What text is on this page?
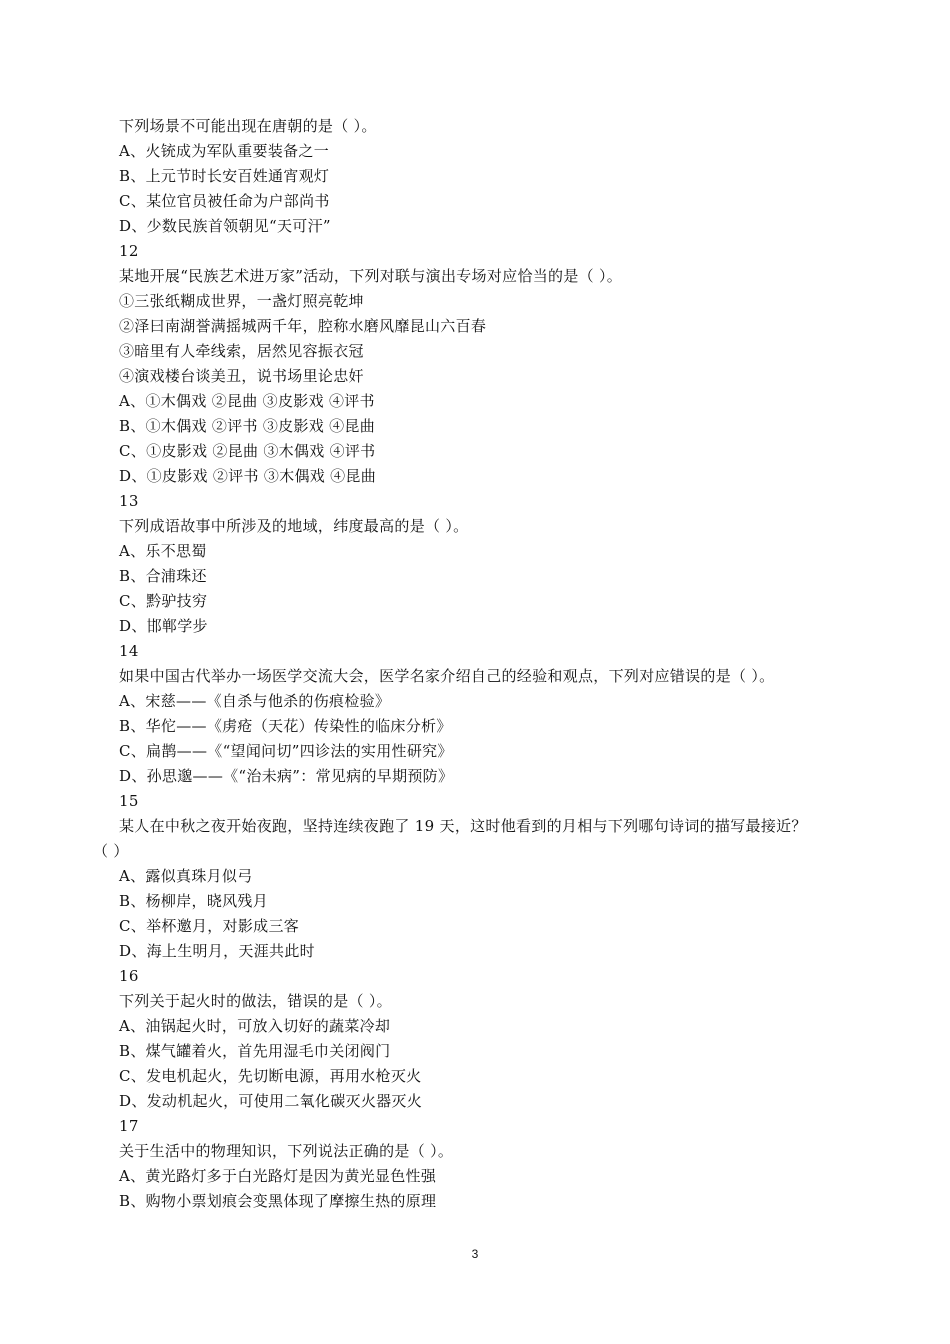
下列场景不可能出现在唐朝的是（ ）。
A、火铳成为军队重要装备之一
B、上元节时长安百姓通宵观灯
C、某位官员被任命为户部尚书
D、少数民族首领朝见“天可汗”
12
某地开展“民族艺术进万家”活动，下列对联与演出专场对应恰当的是（ ）。
①三张纸糊成世界，一盏灯照亮乾坤
②泽曰南湖誉满摇城两千年，腔称水磨风靡昆山六百春
③暗里有人牵线索，居然见容振衣冠
④演戏楼台谈美丑，说书场里论忠奸
A、①木偶戏 ②昆曲 ③皮影戏 ④评书
B、①木偶戏 ②评书 ③皮影戏 ④昆曲
C、①皮影戏 ②昆曲 ③木偶戏 ④评书
D、①皮影戏 ②评书 ③木偶戏 ④昆曲
13
下列成语故事中所涉及的地域，纬度最高的是（ ）。
A、乐不思蜀
B、合浦珠还
C、黔驴技穷
D、邯郸学步
14
如果中国古代举办一场医学交流大会，医学名家介绍自己的经验和观点，下列对应错误的是（ ）。
A、宋慈——《自杀与他杀的伤痕检验》
B、华佗——《虏疮（天花）传染性的临床分析》
C、扁鹊——《“望闻问切”四诊法的实用性研究》
D、孙思邈——《“治未病”：常见病的早期预防》
15
某人在中秋之夜开始夜跑，坚持连续夜跑了 19 天，这时他看到的月相与下列哪句诗词的描写最接近？
（ ）
A、露似真珠月似弓
B、杨柳岸，晓风残月
C、举杯邀月，对影成三客
D、海上生明月，天涯共此时
16
下列关于起火时的做法，错误的是（ ）。
A、油锅起火时，可放入切好的蔬菜冷却
B、煤气罐着火，首先用湿毛巾关闭阀门
C、发电机起火，先切断电源，再用水枪灭火
D、发动机起火，可使用二氧化碳灭火器灭火
17
关于生活中的物理知识，下列说法正确的是（ ）。
A、黄光路灯多于白光路灯是因为黄光显色性强
B、购物小票划痕会变黑体现了摩擦生热的原理
3
